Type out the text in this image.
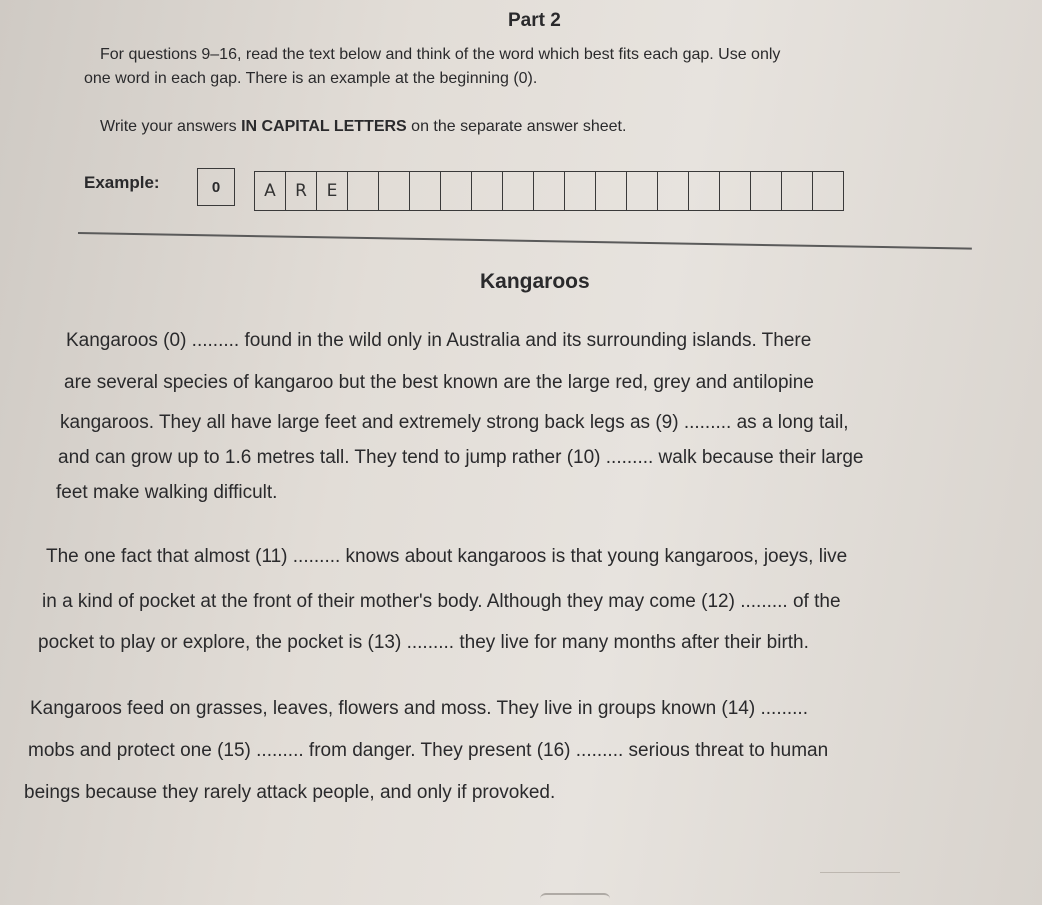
Part 2
For questions 9–16, read the text below and think of the word which best fits each gap. Use only
one word in each gap. There is an example at the beginning (0).
Write your answers IN CAPITAL LETTERS on the separate answer sheet.
Example:	0	A	R	E
Kangaroos
Kangaroos (0) ......... found in the wild only in Australia and its surrounding islands. There
are several species of kangaroo but the best known are the large red, grey and antilopine
kangaroos. They all have large feet and extremely strong back legs as (9) ......... as a long tail,
and can grow up to 1.6 metres tall. They tend to jump rather (10) ......... walk because their large
feet make walking difficult.
The one fact that almost (11) ......... knows about kangaroos is that young kangaroos, joeys, live
in a kind of pocket at the front of their mother's body. Although they may come (12) ......... of the
pocket to play or explore, the pocket is (13) ......... they live for many months after their birth.
Kangaroos feed on grasses, leaves, flowers and moss. They live in groups known (14) .........
mobs and protect one (15) ......... from danger. They present (16) ......... serious threat to human
beings because they rarely attack people, and only if provoked.
